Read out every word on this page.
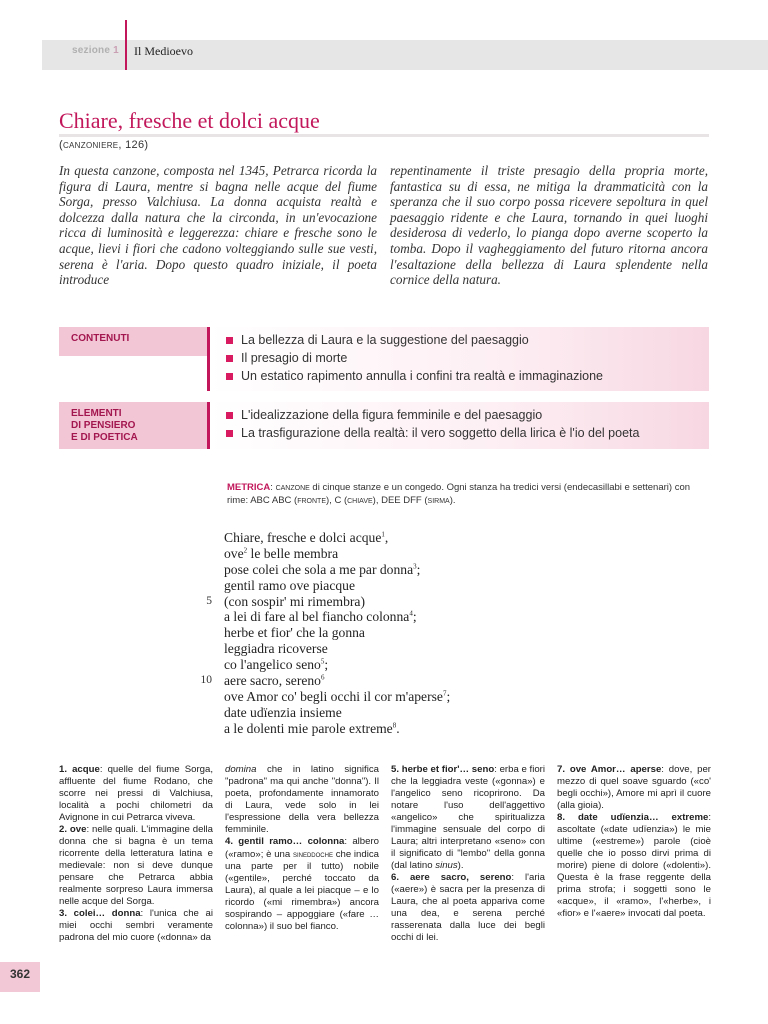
sezione 1 Il Medioevo
Chiare, fresche et dolci acque
(canzoniere, 126)
In questa canzone, composta nel 1345, Petrarca ricorda la figura di Laura, mentre si bagna nelle acque del fiume Sorga, presso Valchiusa. La donna acquista realtà e dolcezza dalla natura che la circonda, in un'evocazione ricca di luminosità e leggerezza: chiare e fresche sono le acque, lievi i fiori che cadono volteggiando sulle sue vesti, serena è l'aria. Dopo questo quadro iniziale, il poeta introduce
repentinamente il triste presagio della propria morte, fantastica su di essa, ne mitiga la drammaticità con la speranza che il suo corpo possa ricevere sepoltura in quel paesaggio ridente e che Laura, tornando in quei luoghi desiderosa di vederlo, lo pianga dopo averne scoperto la tomba. Dopo il vagheggiamento del futuro ritorna ancora l'esaltazione della bellezza di Laura splendente nella cornice della natura.
CONTENUTI	La bellezza di Laura e la suggestione del paesaggio
Il presagio di morte
Un estatico rapimento annulla i confini tra realtà e immaginazione
ELEMENTI
DI PENSIERO
E DI POETICA
L'idealizzazione della figura femminile e del paesaggio
La trasfigurazione della realtà: il vero soggetto della lirica è l'io del poeta
METRICA: canzone di cinque stanze e un congedo. Ogni stanza ha tredici versi (endecasillabi e settenari) con rime: ABC ABC (fronte), C (chiave), DEE DFF (sirma).
Chiare, fresche e dolci acque$^1$,
ove$^2$ le belle membra
pose colei che sola a me par donna$^3$;
gentil ramo ove piacque
5 (con sospir' mi rimembra)
a lei di fare al bel fiancho colonna$^4$;
herbe et fior' che la gonna
leggiadra ricoverse
co l'angelico seno$^5$;
10 aere sacro, sereno$^6$
ove Amor co' begli occhi il cor m'aperse$^7$;
date udïenzia insieme
a le dolenti mie parole extreme$^8$.

1. acque: quelle del fiume Sorga, affluente del fiume Rodano, che scorre nei pressi di Valchiusa, località a pochi chilometri da Avignone in cui Petrarca viveva.

2. ove: nelle quali. L'immagine della donna che si bagna è un tema ricorrente della letteratura latina e medievale: non si deve dunque pensare che Petrarca abbia realmente sorpreso Laura immersa nelle acque del Sorga.

3. colei… donna: l'unica che ai miei occhi sembri veramente padrona del mio cuore («donna» da

domina che in latino significa "padrona" ma qui anche "donna"). Il poeta, profondamente innamorato di Laura, vede solo in lei l'espressione della vera bellezza femminile.

4. gentil ramo… colonna: albero («ramo»; è una sineddoche che indica una parte per il tutto) nobile («gentile», perché toccato da Laura), al quale a lei piacque – e lo ricordo («mi rimembra») ancora sospirando – appoggiare («fare … colonna») il suo bel fianco.

5. herbe et fior'… seno: erba e fiori che la leggiadra veste («gonna») e l'angelico seno ricoprirono. Da notare l'uso dell'aggettivo «angelico» che spiritualizza l'immagine sensuale del corpo di Laura; altri interpretano «seno» con il significato di "lembo" della gonna (dal latino sinus).

6. aere sacro, sereno: l'aria («aere») è sacra per la presenza di Laura, che al poeta appariva come una dea, e serena perché rasserenata dalla luce dei begli occhi di lei.

7. ove Amor… aperse: dove, per mezzo di quel soave sguardo («co' begli occhi»), Amore mi aprì il cuore (alla gioia).

8. date udïenzia… extreme: ascoltate («date udïenzia») le mie ultime («estreme») parole (cioè quelle che io posso dirvi prima di morire) piene di dolore («dolenti»). Questa è la frase reggente della prima strofa; i soggetti sono le «acque», il «ramo», l'«herbe», i «fior» e l'«aere» invocati dal poeta.

362
